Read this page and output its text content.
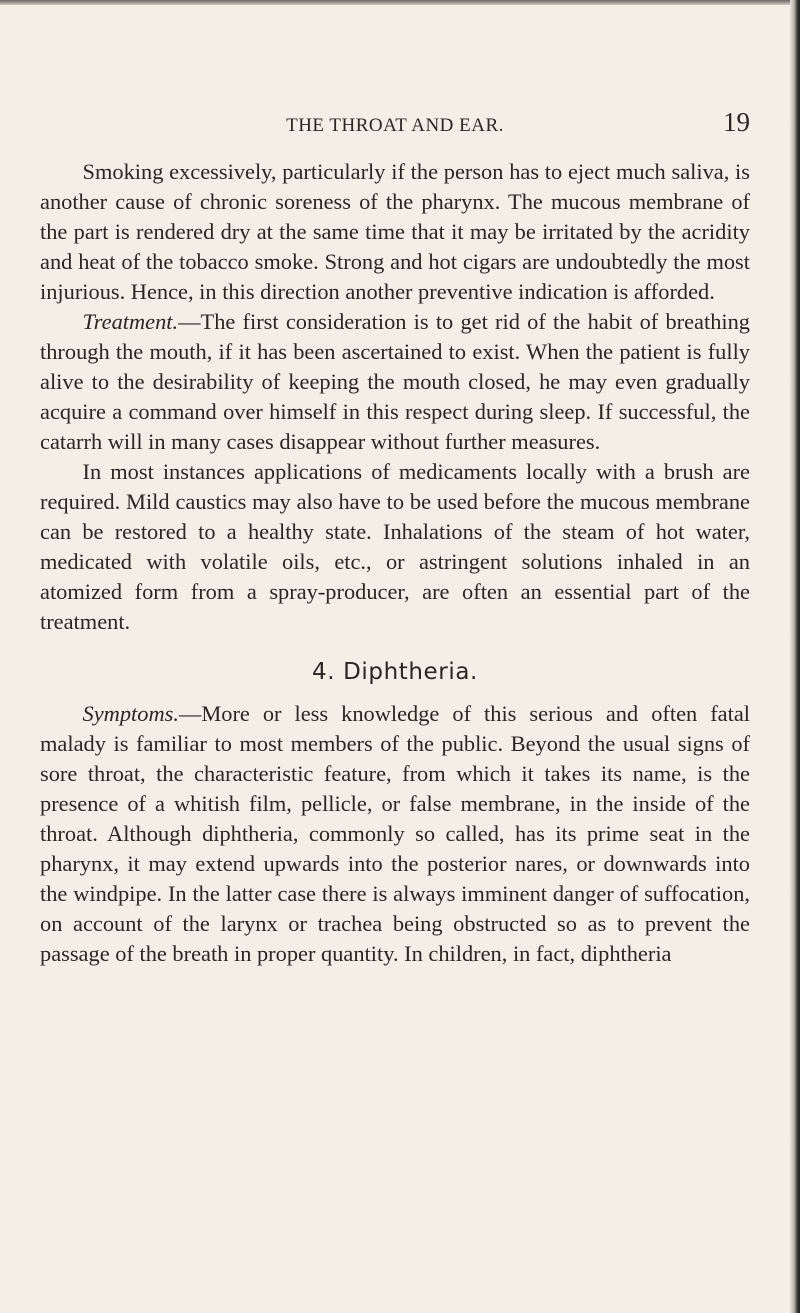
THE THROAT AND EAR.	19

Smoking excessively, particularly if the person has to eject much saliva, is another cause of chronic soreness of the pharynx. The mucous membrane of the part is rendered dry at the same time that it may be irritated by the acridity and heat of the tobacco smoke. Strong and hot cigars are undoubtedly the most injurious. Hence, in this direction another preventive indication is afforded.

Treatment.—The first consideration is to get rid of the habit of breathing through the mouth, if it has been ascertained to exist. When the patient is fully alive to the desirability of keeping the mouth closed, he may even gradually acquire a command over himself in this respect during sleep. If successful, the catarrh will in many cases disappear without further measures.

In most instances applications of medicaments locally with a brush are required. Mild caustics may also have to be used before the mucous membrane can be restored to a healthy state. Inhalations of the steam of hot water, medicated with volatile oils, etc., or astringent solutions inhaled in an atomized form from a spray-producer, are often an essential part of the treatment.

4. Diphtheria.

Symptoms.—More or less knowledge of this serious and often fatal malady is familiar to most members of the public. Beyond the usual signs of sore throat, the characteristic feature, from which it takes its name, is the presence of a whitish film, pellicle, or false membrane, in the inside of the throat. Although diphtheria, commonly so called, has its prime seat in the pharynx, it may extend upwards into the posterior nares, or downwards into the windpipe. In the latter case there is always imminent danger of suffocation, on account of the larynx or trachea being obstructed so as to prevent the passage of the breath in proper quantity. In children, in fact, diphtheria
